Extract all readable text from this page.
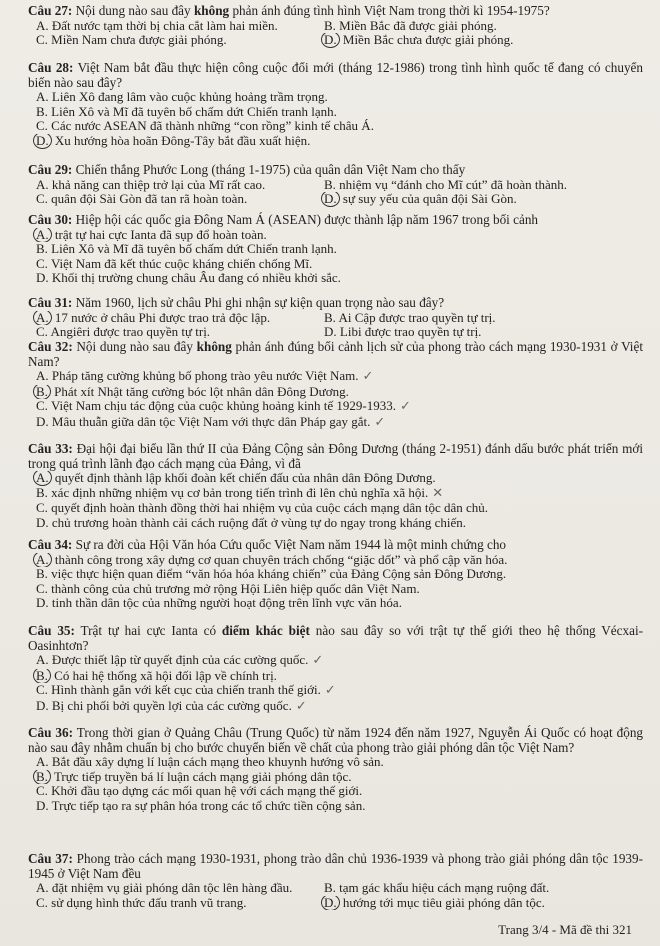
Câu 27: Nội dung nào sau đây không phản ánh đúng tình hình Việt Nam trong thời kì 1954-1975?

A. Đất nước tạm thời bị chia cắt làm hai miền.	B. Miền Bắc đã được giải phóng.
C. Miền Nam chưa được giải phóng.	D. Miền Bắc chưa được giải phóng.

Câu 28: Việt Nam bắt đầu thực hiện công cuộc đổi mới (tháng 12-1986) trong tình hình quốc tế đang có chuyển biến nào sau đây?

A. Liên Xô đang lâm vào cuộc khủng hoảng trầm trọng.
B. Liên Xô và Mĩ đã tuyên bố chấm dứt Chiến tranh lạnh.
C. Các nước ASEAN đã thành những “con rồng” kinh tế châu Á.
D. Xu hướng hòa hoãn Đông-Tây bắt đầu xuất hiện.

Câu 29: Chiến thắng Phước Long (tháng 1-1975) của quân dân Việt Nam cho thấy

A. khả năng can thiệp trở lại của Mĩ rất cao.	B. nhiệm vụ “đánh cho Mĩ cút” đã hoàn thành.
C. quân đội Sài Gòn đã tan rã hoàn toàn.	D. sự suy yếu của quân đội Sài Gòn.

Câu 30: Hiệp hội các quốc gia Đông Nam Á (ASEAN) được thành lập năm 1967 trong bối cảnh

A. trật tự hai cực Ianta đã sụp đổ hoàn toàn.
B. Liên Xô và Mĩ đã tuyên bố chấm dứt Chiến tranh lạnh.
C. Việt Nam đã kết thúc cuộc kháng chiến chống Mĩ.
D. Khối thị trường chung châu Âu đang có nhiều khởi sắc.

Câu 31: Năm 1960, lịch sử châu Phi ghi nhận sự kiện quan trọng nào sau đây?

A. 17 nước ở châu Phi được trao trả độc lập.	B. Ai Cập được trao quyền tự trị.
C. Angiêri được trao quyền tự trị.	D. Libi được trao quyền tự trị.

Câu 32: Nội dung nào sau đây không phản ánh đúng bối cảnh lịch sử của phong trào cách mạng 1930-1931 ở Việt Nam?

A. Pháp tăng cường khủng bố phong trào yêu nước Việt Nam. ✓
B. Phát xít Nhật tăng cường bóc lột nhân dân Đông Dương.
C. Việt Nam chịu tác động của cuộc khủng hoảng kinh tế 1929-1933. ✓
D. Mâu thuẫn giữa dân tộc Việt Nam với thực dân Pháp gay gắt. ✓

Câu 33: Đại hội đại biểu lần thứ II của Đảng Cộng sản Đông Dương (tháng 2-1951) đánh dấu bước phát triển mới trong quá trình lãnh đạo cách mạng của Đảng, vì đã

A. quyết định thành lập khối đoàn kết chiến đấu của nhân dân Đông Dương.
B. xác định những nhiệm vụ cơ bản trong tiến trình đi lên chủ nghĩa xã hội. ✕
C. quyết định hoàn thành đồng thời hai nhiệm vụ của cuộc cách mạng dân tộc dân chủ.
D. chủ trương hoàn thành cải cách ruộng đất ở vùng tự do ngay trong kháng chiến.

Câu 34: Sự ra đời của Hội Văn hóa Cứu quốc Việt Nam năm 1944 là một minh chứng cho

A. thành công trong xây dựng cơ quan chuyên trách chống “giặc dốt” và phổ cập văn hóa.
B. việc thực hiện quan điểm “văn hóa hóa kháng chiến” của Đảng Cộng sản Đông Dương.
C. thành công của chủ trương mở rộng Hội Liên hiệp quốc dân Việt Nam.
D. tinh thần dân tộc của những người hoạt động trên lĩnh vực văn hóa.

Câu 35: Trật tự hai cực Ianta có điểm khác biệt nào sau đây so với trật tự thế giới theo hệ thống Vécxai-Oasinhtơn?

A. Được thiết lập từ quyết định của các cường quốc. ✓
B. Có hai hệ thống xã hội đối lập về chính trị.
C. Hình thành gắn với kết cục của chiến tranh thế giới. ✓
D. Bị chi phối bởi quyền lợi của các cường quốc. ✓

Câu 36: Trong thời gian ở Quảng Châu (Trung Quốc) từ năm 1924 đến năm 1927, Nguyễn Ái Quốc có hoạt động nào sau đây nhằm chuẩn bị cho bước chuyển biến về chất của phong trào giải phóng dân tộc Việt Nam?

A. Bắt đầu xây dựng lí luận cách mạng theo khuynh hướng vô sản.
B. Trực tiếp truyền bá lí luận cách mạng giải phóng dân tộc.
C. Khởi đầu tạo dựng các mối quan hệ với cách mạng thế giới.
D. Trực tiếp tạo ra sự phân hóa trong các tổ chức tiền cộng sản.

Câu 37: Phong trào cách mạng 1930-1931, phong trào dân chủ 1936-1939 và phong trào giải phóng dân tộc 1939-1945 ở Việt Nam đều

A. đặt nhiệm vụ giải phóng dân tộc lên hàng đầu.	B. tạm gác khẩu hiệu cách mạng ruộng đất.
C. sử dụng hình thức đấu tranh vũ trang.	D. hướng tới mục tiêu giải phóng dân tộc.
Trang 3/4 - Mã đề thi 321
